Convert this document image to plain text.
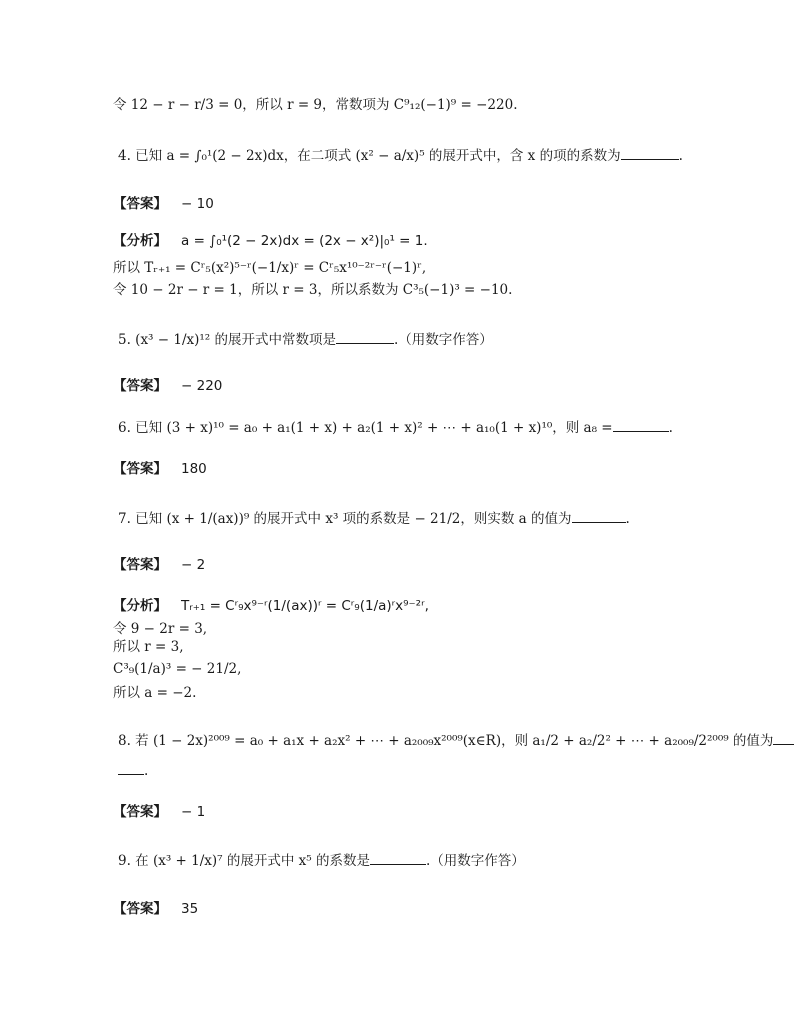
令 12 − r − r/3 = 0，所以 r = 9，常数项为 C⁹₁₂(−1)⁹ = −220.
4. 已知 a = ∫₀¹(2 − 2x)dx，在二项式 (x² − a/x)⁵ 的展开式中，含 x 的项的系数为	.
【答案】 − 10
【分析】 a = ∫₀¹(2 − 2x)dx = (2x − x²)|₀¹ = 1.
所以 Tᵣ₊₁ = Cʳ₅(x²)⁵⁻ʳ(−1/x)ʳ = Cʳ₅x¹⁰⁻²ʳ⁻ʳ(−1)ʳ,
令 10 − 2r − r = 1，所以 r = 3，所以系数为 C³₅(−1)³ = −10.
5. (x³ − 1/x)¹² 的展开式中常数项是	.（用数字作答）
【答案】 − 220
6. 已知 (3 + x)¹⁰ = a₀ + a₁(1 + x) + a₂(1 + x)² + ⋯ + a₁₀(1 + x)¹⁰，则 a₈ =	.
【答案】 180
7. 已知 (x + 1/(ax))⁹ 的展开式中 x³ 项的系数是 − 21/2，则实数 a 的值为	.
【答案】 − 2
【分析】 Tᵣ₊₁ = Cʳ₉x⁹⁻ʳ(1/(ax))ʳ = Cʳ₉(1/a)ʳx⁹⁻²ʳ,
令 9 − 2r = 3,
所以 r = 3,
C³₉(1/a)³ = − 21/2,
所以 a = −2.
8. 若 (1 − 2x)²⁰⁰⁹ = a₀ + a₁x + a₂x² + ⋯ + a₂₀₀₉x²⁰⁰⁹(x∈R)，则 a₁/2 + a₂/2² + ⋯ + a₂₀₀₉/2²⁰⁰⁹ 的值为
.
【答案】 − 1
9. 在 (x³ + 1/x)⁷ 的展开式中 x⁵ 的系数是	.（用数字作答）
【答案】 35
